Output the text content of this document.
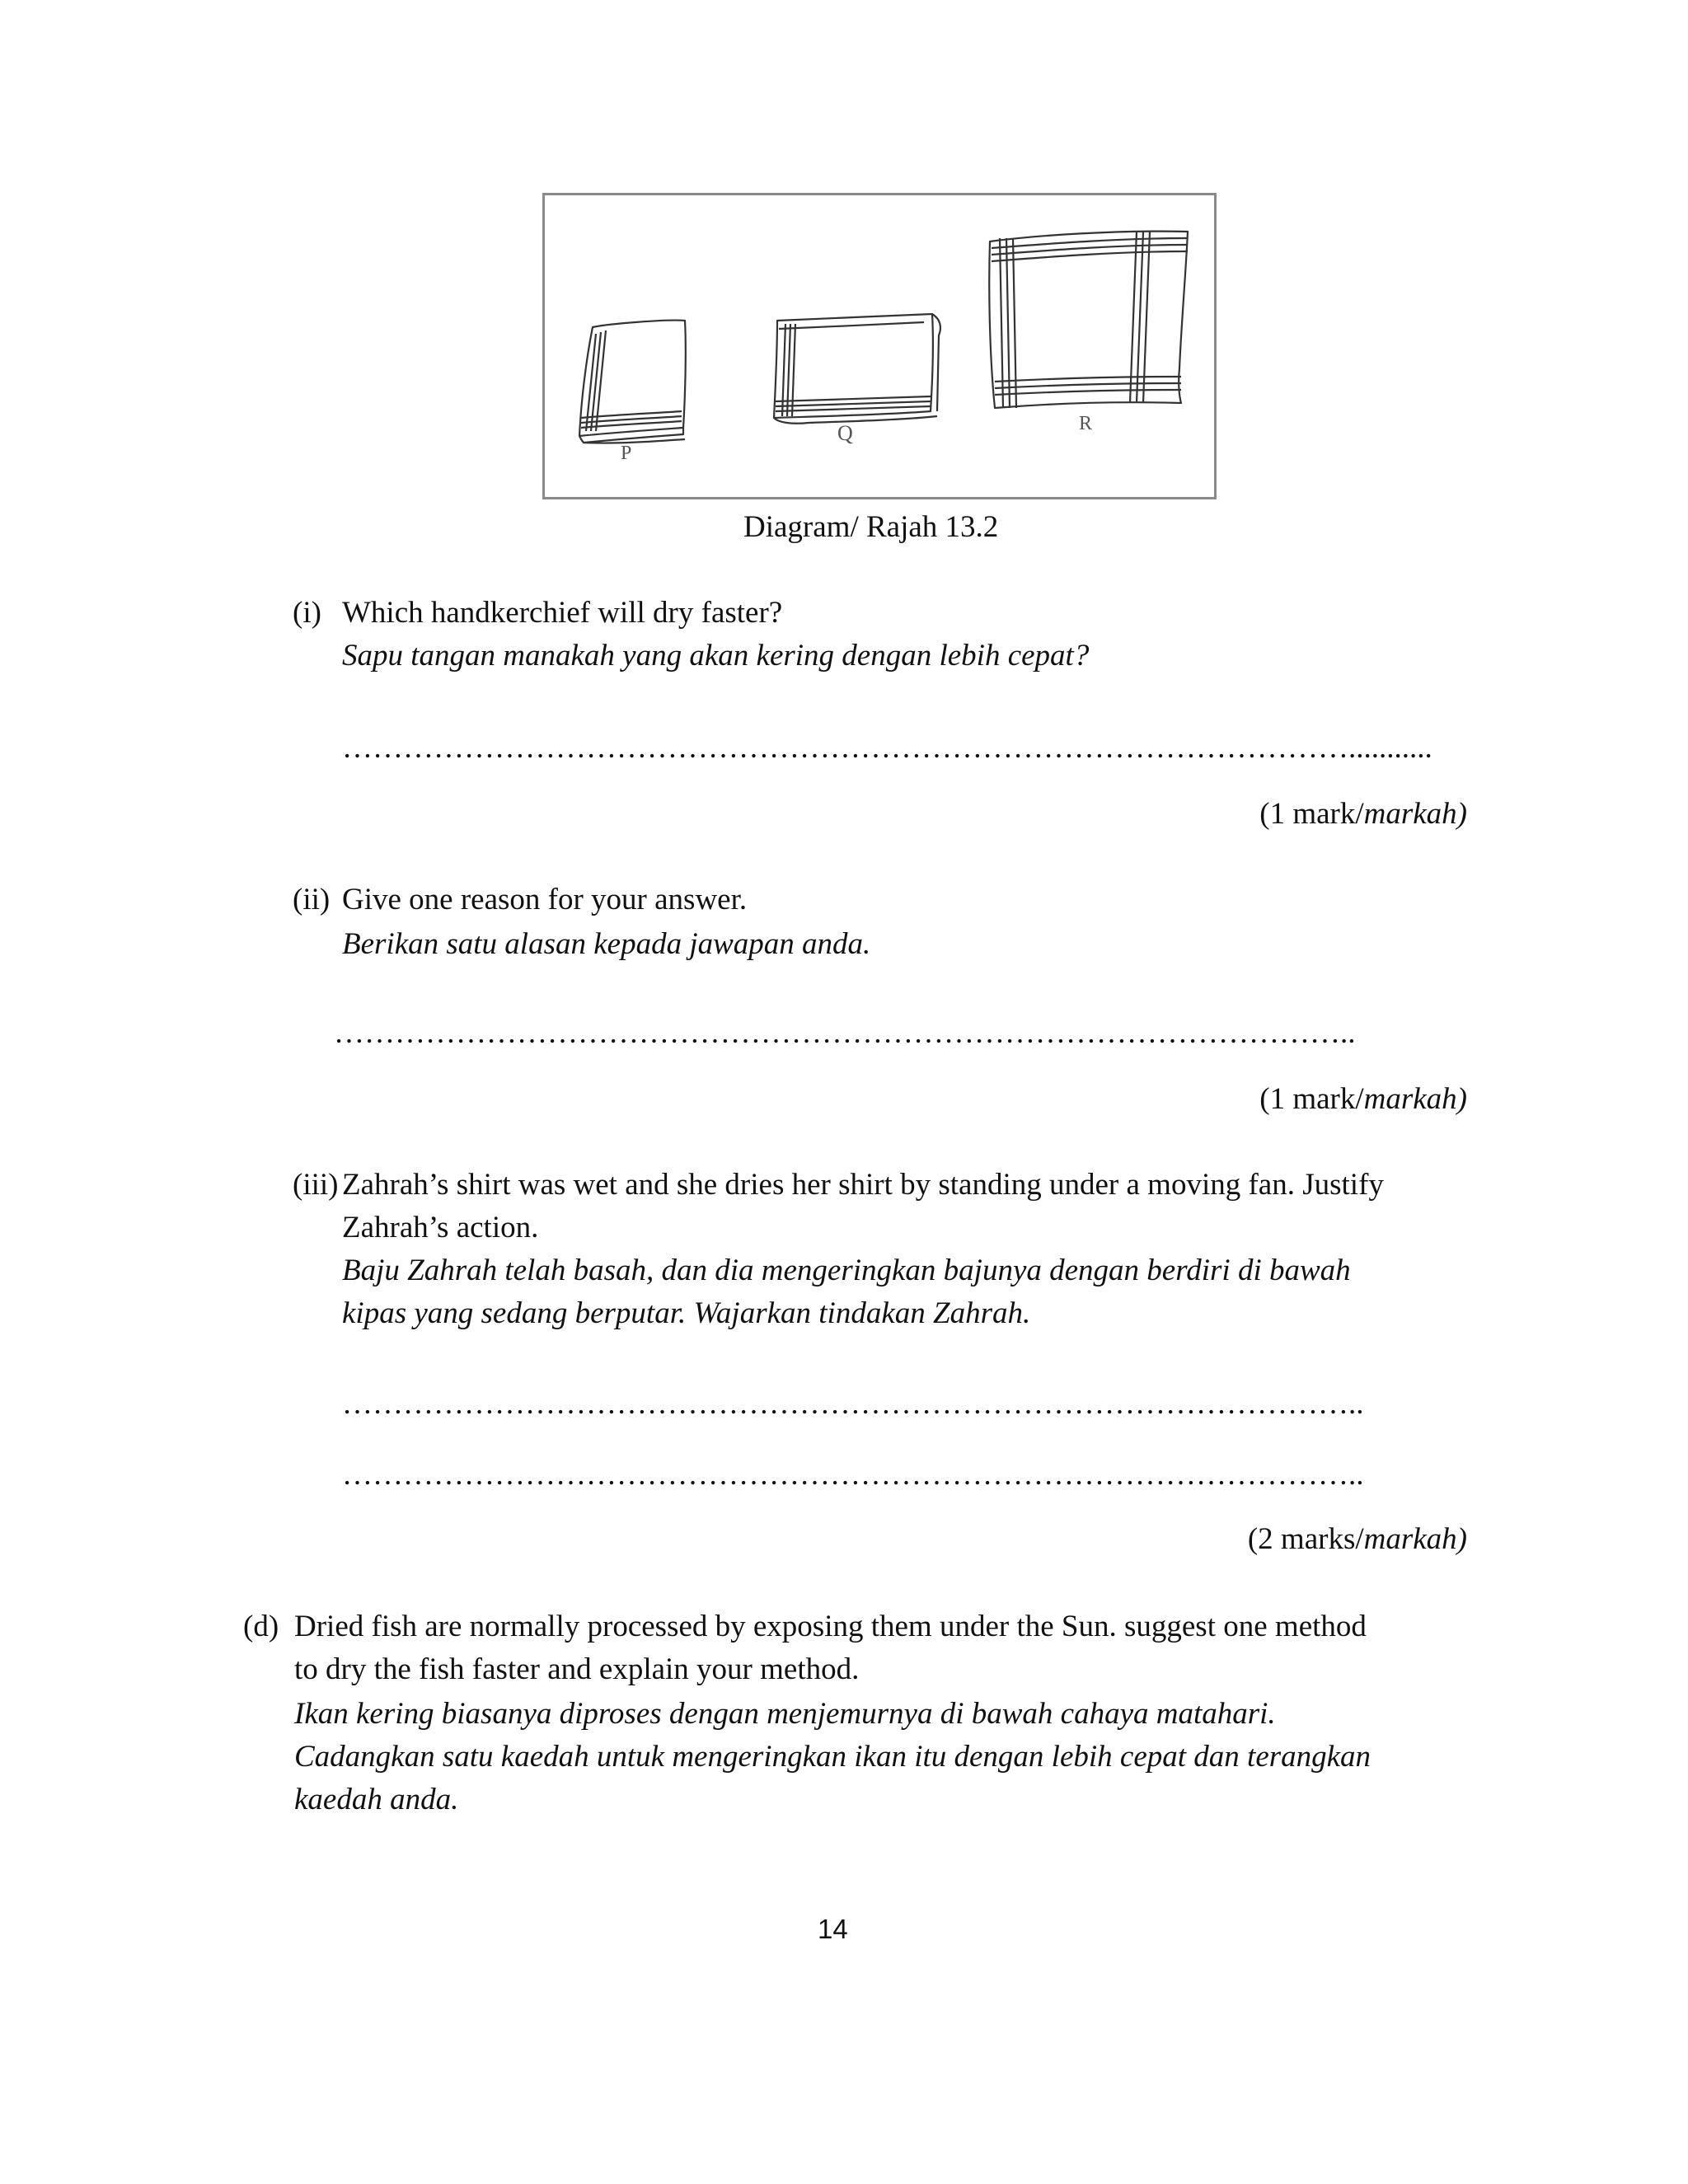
P
Q	R
Diagram/ Rajah 13.2
(i) Which handkerchief will dry faster?
Sapu tangan manakah yang akan kering dengan lebih cepat?
………………………………………………………………………………………...........
(1 mark/markah)
(ii) Give one reason for your answer.
Berikan satu alasan kepada jawapan anda.
………………………………………………………………………………………..
(1 mark/markah)
(iii) Zahrah’s shirt was wet and she dries her shirt by standing under a moving fan. Justify
Zahrah’s action.
Baju Zahrah telah basah, dan dia mengeringkan bajunya dengan berdiri di bawah
kipas yang sedang berputar. Wajarkan tindakan Zahrah.
………………………………………………………………………………………..
………………………………………………………………………………………..
(2 marks/markah)
(d) Dried fish are normally processed by exposing them under the Sun. suggest one method
to dry the fish faster and explain your method.
Ikan kering biasanya diproses dengan menjemurnya di bawah cahaya matahari.
Cadangkan satu kaedah untuk mengeringkan ikan itu dengan lebih cepat dan terangkan
kaedah anda.
14
